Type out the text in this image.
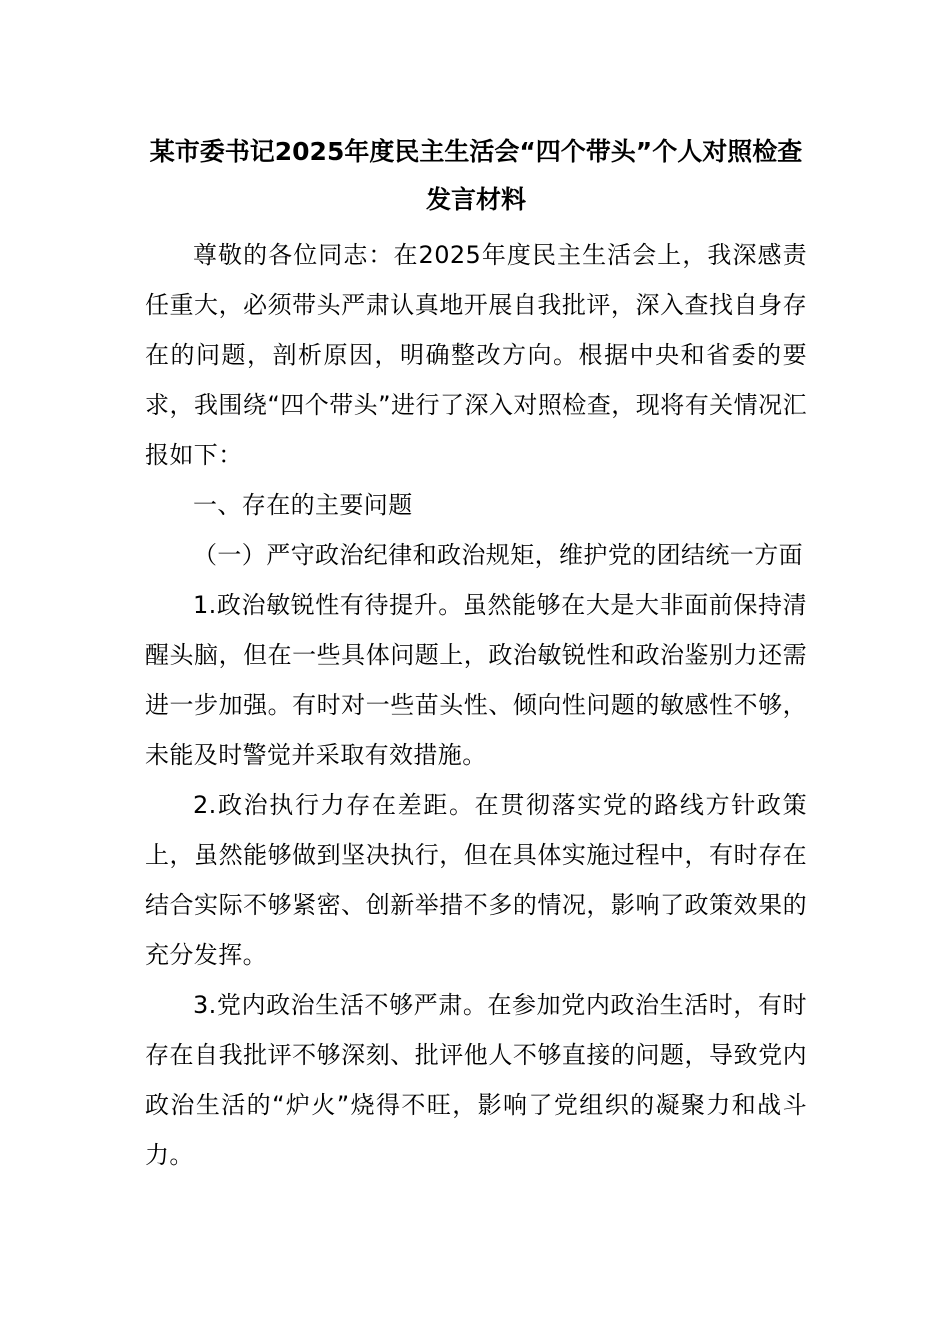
某市委书记2025年度民主生活会“四个带头”个人对照检查
发言材料

尊敬的各位同志：在2025年度民主生活会上，我深感责任重大，必须带头严肃认真地开展自我批评，深入查找自身存在的问题，剖析原因，明确整改方向。根据中央和省委的要求，我围绕“四个带头”进行了深入对照检查，现将有关情况汇报如下：

一、存在的主要问题

（一）严守政治纪律和政治规矩，维护党的团结统一方面

1.政治敏锐性有待提升。虽然能够在大是大非面前保持清醒头脑，但在一些具体问题上，政治敏锐性和政治鉴别力还需进一步加强。有时对一些苗头性、倾向性问题的敏感性不够，未能及时警觉并采取有效措施。

2.政治执行力存在差距。在贯彻落实党的路线方针政策上，虽然能够做到坚决执行，但在具体实施过程中，有时存在结合实际不够紧密、创新举措不多的情况，影响了政策效果的充分发挥。

3.党内政治生活不够严肃。在参加党内政治生活时，有时存在自我批评不够深刻、批评他人不够直接的问题，导致党内政治生活的“炉火”烧得不旺，影响了党组织的凝聚力和战斗力。
